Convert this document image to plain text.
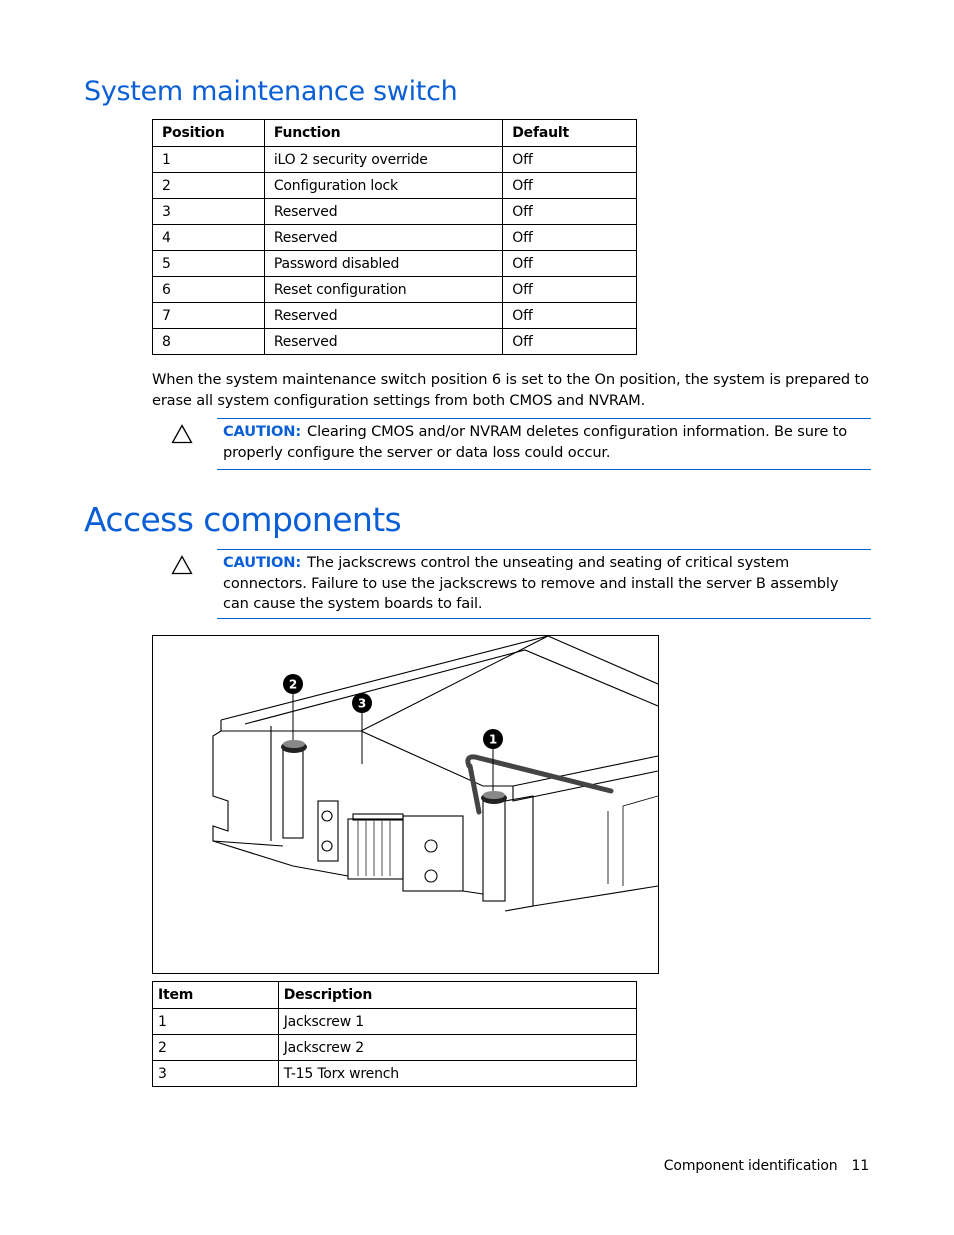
System maintenance switch
Position	Function	Default
1	iLO 2 security override	Off
2	Configuration lock	Off
3	Reserved	Off
4	Reserved	Off
5	Password disabled	Off
6	Reset configuration	Off
7	Reserved	Off
8	Reserved	Off

When the system maintenance switch position 6 is set to the On position, the system is prepared to erase all system configuration settings from both CMOS and NVRAM.

CAUTION: Clearing CMOS and/or NVRAM deletes configuration information. Be sure to properly configure the server or data loss could occur.
Access components
CAUTION: The jackscrews control the unseating and seating of critical system connectors. Failure to use the jackscrews to remove and install the server B assembly can cause the system boards to fail.
2
3
1
Item	Description
1	Jackscrew 1
2	Jackscrew 2
3	T-15 Torx wrench
Component identification 11
